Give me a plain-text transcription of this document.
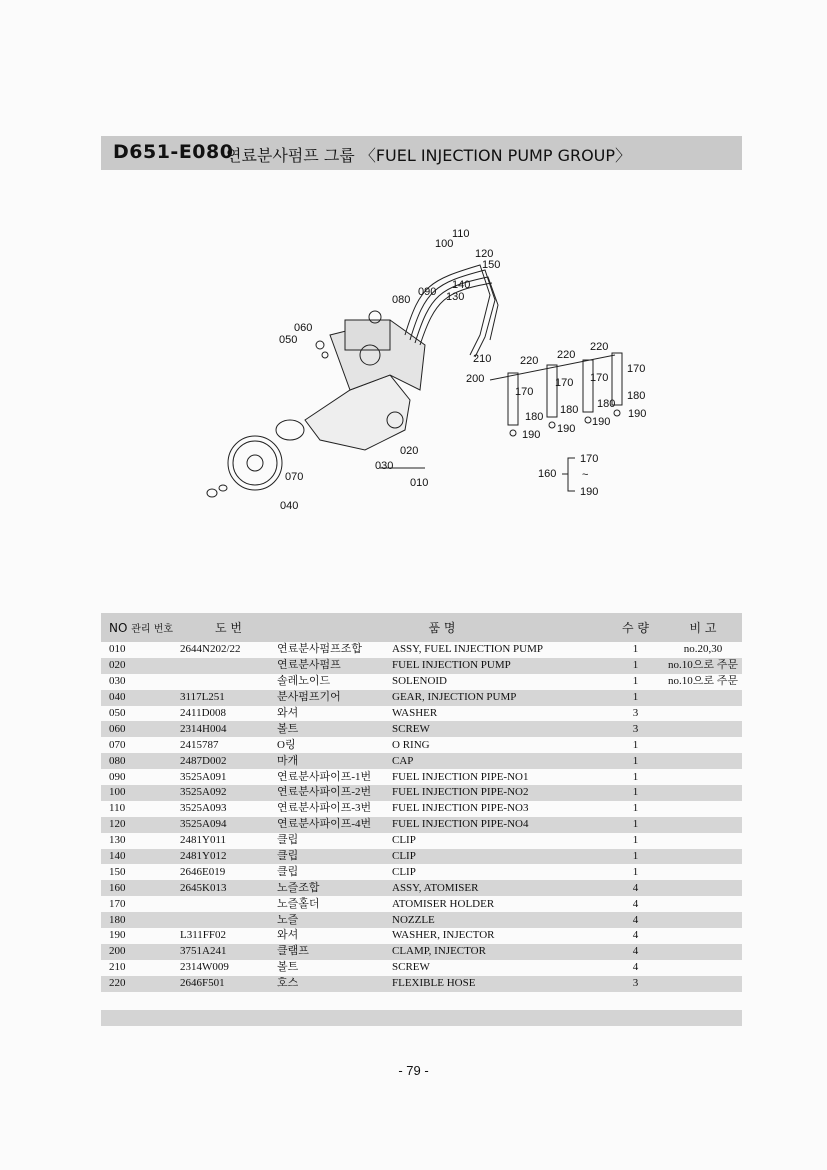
D651-E080
연료분사펌프 그룹 〈FUEL INJECTION PUMP GROUP〉
110
100
120
150
140
130
090
080
060
050
210
200
220 220
220
170
170 170
170
180
180 180
180
190 190
190
190
020
030
010
070
040
160
170
190
~
NO 관리 번호	도 번	품 명		수 량	비 고
010	2644N202/22	연료분사펌프조합	ASSY, FUEL INJECTION PUMP	1	no.20,30
020		연료분사펌프	FUEL INJECTION PUMP	1	no.10으로 주문
030		솔레노이드	SOLENOID	1	no.10으로 주문
040	3117L251	분사펌프기어	GEAR, INJECTION PUMP	1	
050	2411D008	와셔	WASHER	3	
060	2314H004	볼트	SCREW	3	
070	2415787	O링	O RING	1	
080	2487D002	마개	CAP	1	
090	3525A091	연료분사파이프-1번	FUEL INJECTION PIPE-NO1	1	
100	3525A092	연료분사파이프-2번	FUEL INJECTION PIPE-NO2	1	
110	3525A093	연료분사파이프-3번	FUEL INJECTION PIPE-NO3	1	
120	3525A094	연료분사파이프-4번	FUEL INJECTION PIPE-NO4	1	
130	2481Y011	클립	CLIP	1	
140	2481Y012	클립	CLIP	1	
150	2646E019	클립	CLIP	1	
160	2645K013	노즐조합	ASSY, ATOMISER	4	
170		노즐홀더	ATOMISER HOLDER	4	
180		노즐	NOZZLE	4	
190	L311FF02	와셔	WASHER, INJECTOR	4	
200	3751A241	클램프	CLAMP, INJECTOR	4	
210	2314W009	볼트	SCREW	4	
220	2646F501	호스	FLEXIBLE HOSE	3	
- 79 -
